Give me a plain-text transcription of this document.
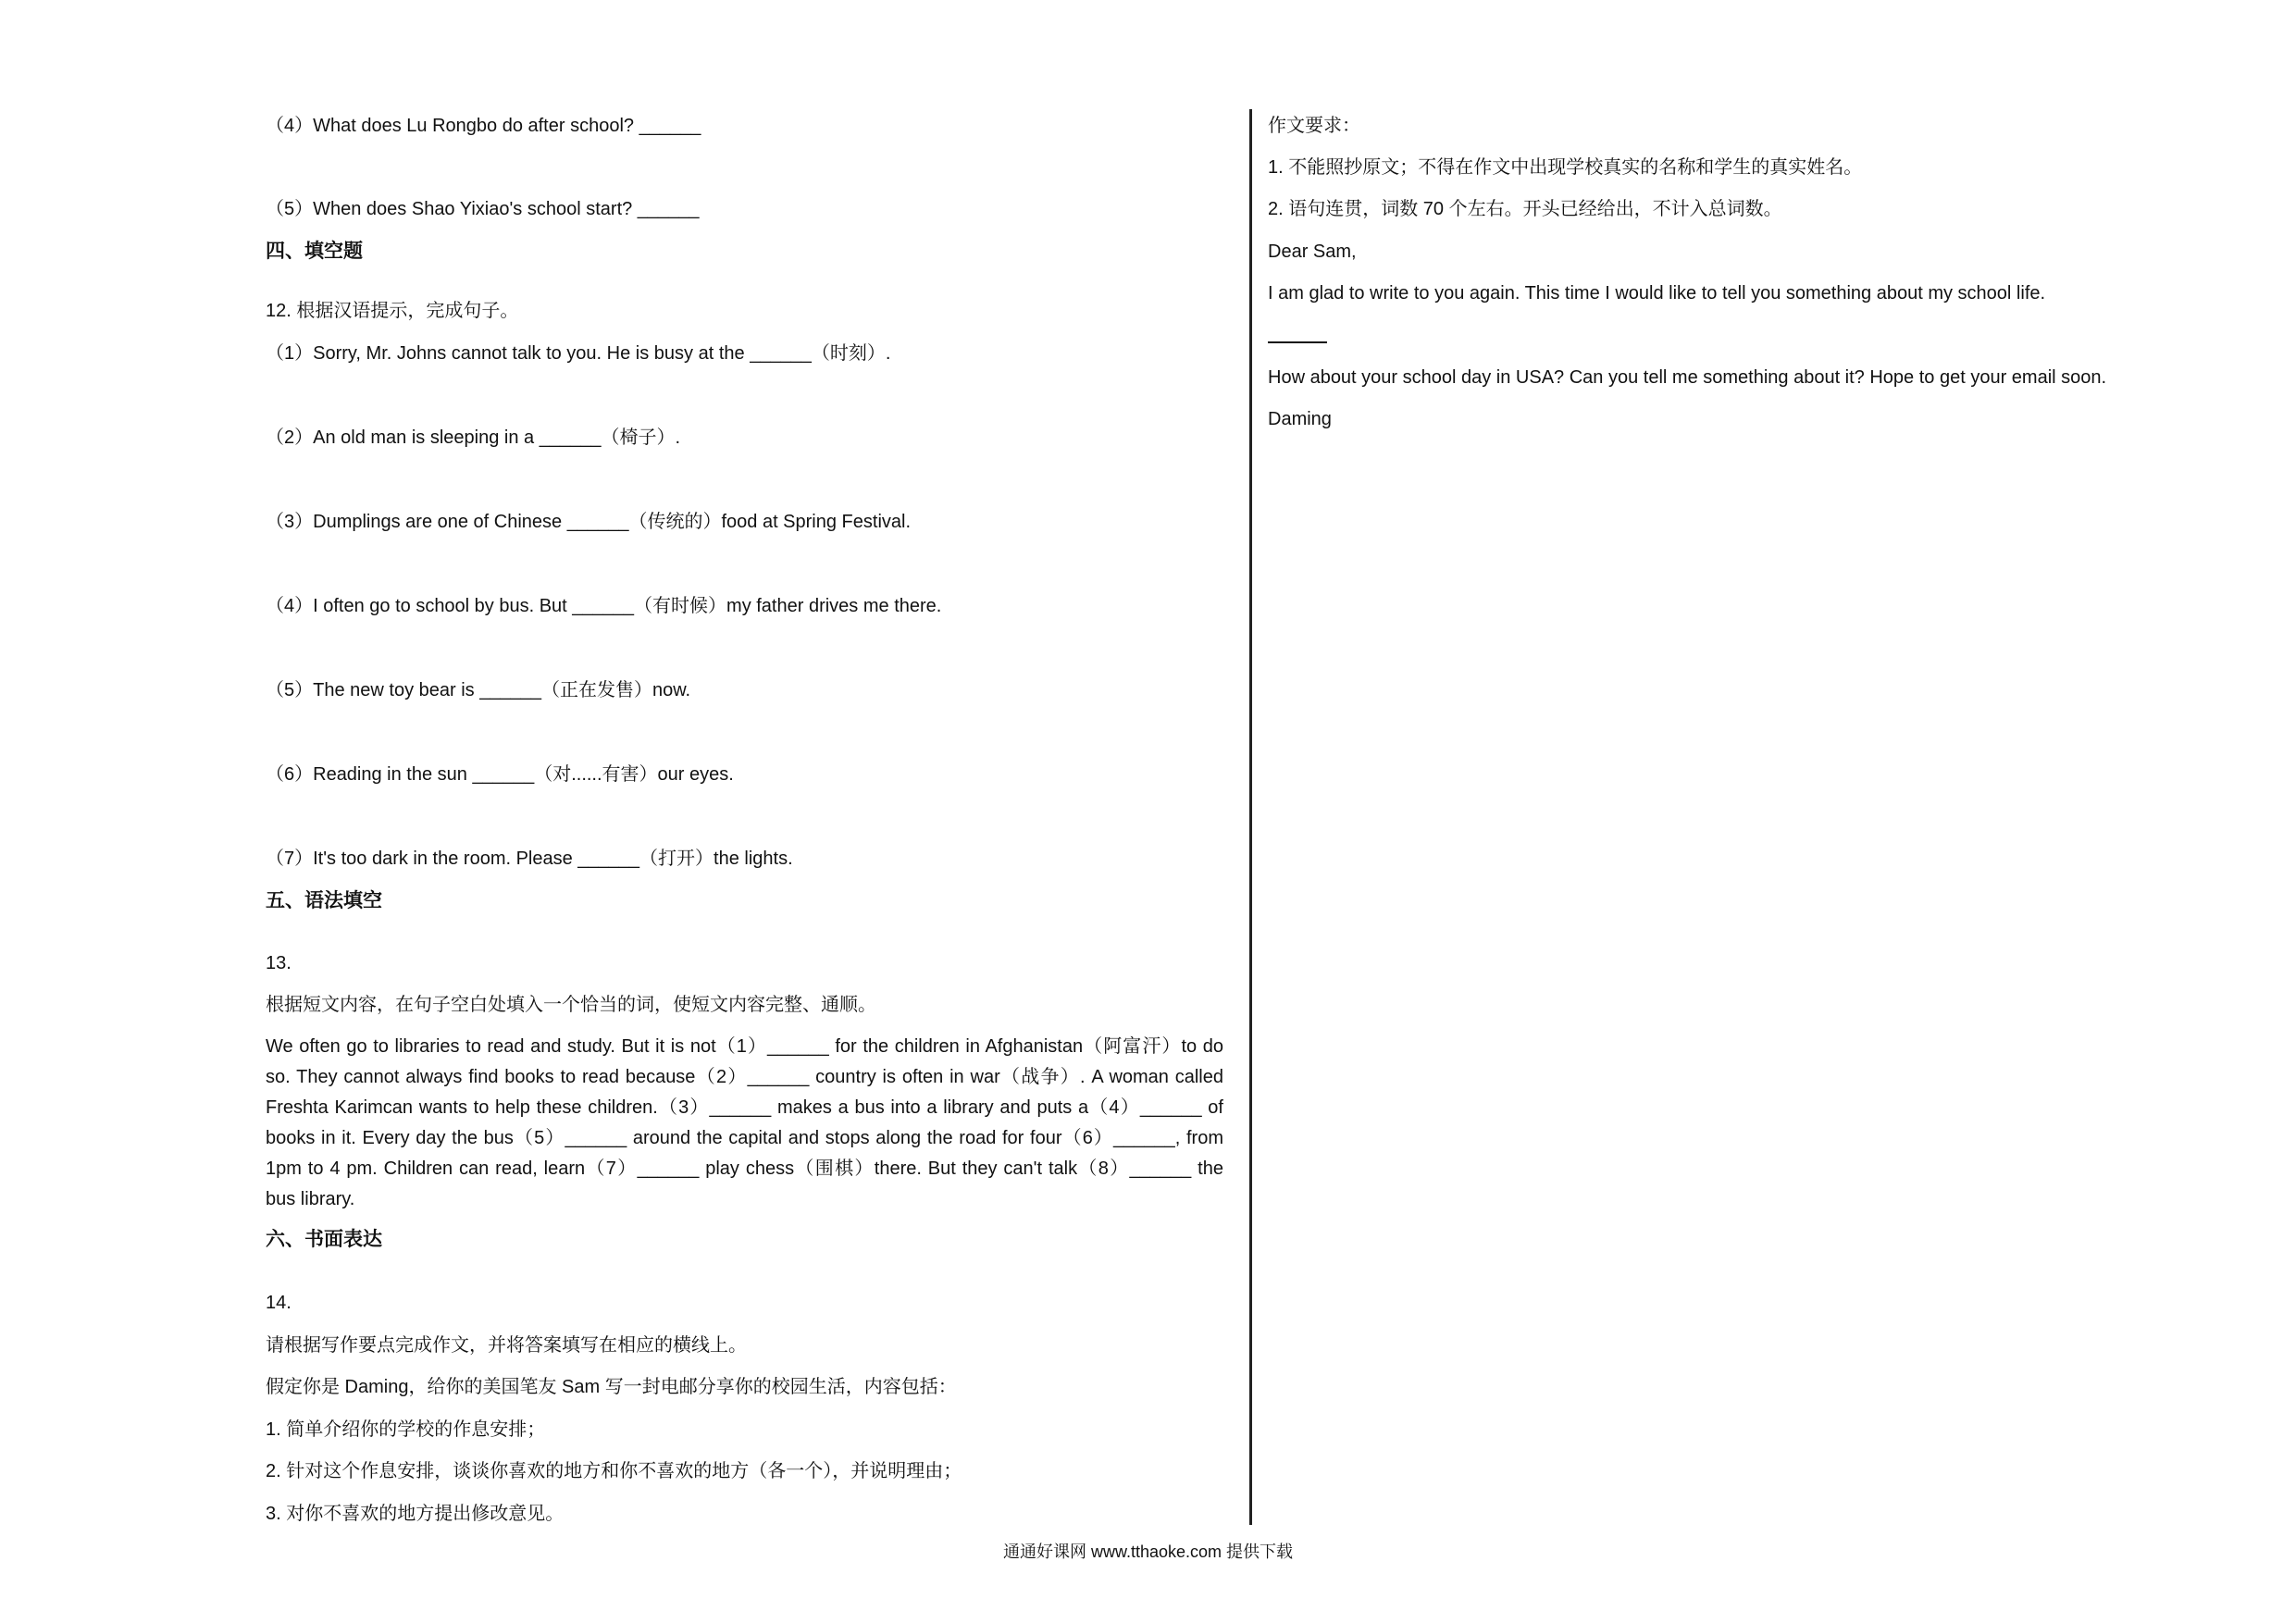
（4）What does Lu Rongbo do after school? ______
（5）When does Shao Yixiao's school start? ______
四、填空题
12. 根据汉语提示，完成句子。
（1）Sorry, Mr. Johns cannot talk to you. He is busy at the ______（时刻）.
（2）An old man is sleeping in a ______（椅子）.
（3）Dumplings are one of Chinese ______（传统的）food at Spring Festival.
（4）I often go to school by bus. But ______（有时候）my father drives me there.
（5）The new toy bear is ______（正在发售）now.
（6）Reading in the sun ______（对......有害）our eyes.
（7）It's too dark in the room. Please ______（打开）the lights.
五、语法填空
13.
根据短文内容，在句子空白处填入一个恰当的词，使短文内容完整、通顺。
We often go to libraries to read and study. But it is not（1）______ for the children in Afghanistan（阿富汗）to do so. They cannot always find books to read because（2）______ country is often in war（战争）. A woman called Freshta Karimcan wants to help these children.（3）______ makes a bus into a library and puts a（4）______ of books in it. Every day the bus（5）______ around the capital and stops along the road for four（6）______, from 1pm to 4 pm. Children can read, learn（7）______ play chess（围棋）there. But they can't talk（8）______ the bus library.
六、书面表达
14.
请根据写作要点完成作文，并将答案填写在相应的横线上。
假定你是 Daming，给你的美国笔友 Sam 写一封电邮分享你的校园生活，内容包括：
1. 简单介绍你的学校的作息安排；
2. 针对这个作息安排，谈谈你喜欢的地方和你不喜欢的地方（各一个），并说明理由；
3. 对你不喜欢的地方提出修改意见。
作文要求：
1. 不能照抄原文；不得在作文中出现学校真实的名称和学生的真实姓名。
2. 语句连贯，词数 70 个左右。开头已经给出，不计入总词数。
Dear Sam,
I am glad to write to you again. This time I would like to tell you something about my school life.
How about your school day in USA? Can you tell me something about it? Hope to get your email soon.
Daming
通通好课网 www.tthaoke.com 提供下载
